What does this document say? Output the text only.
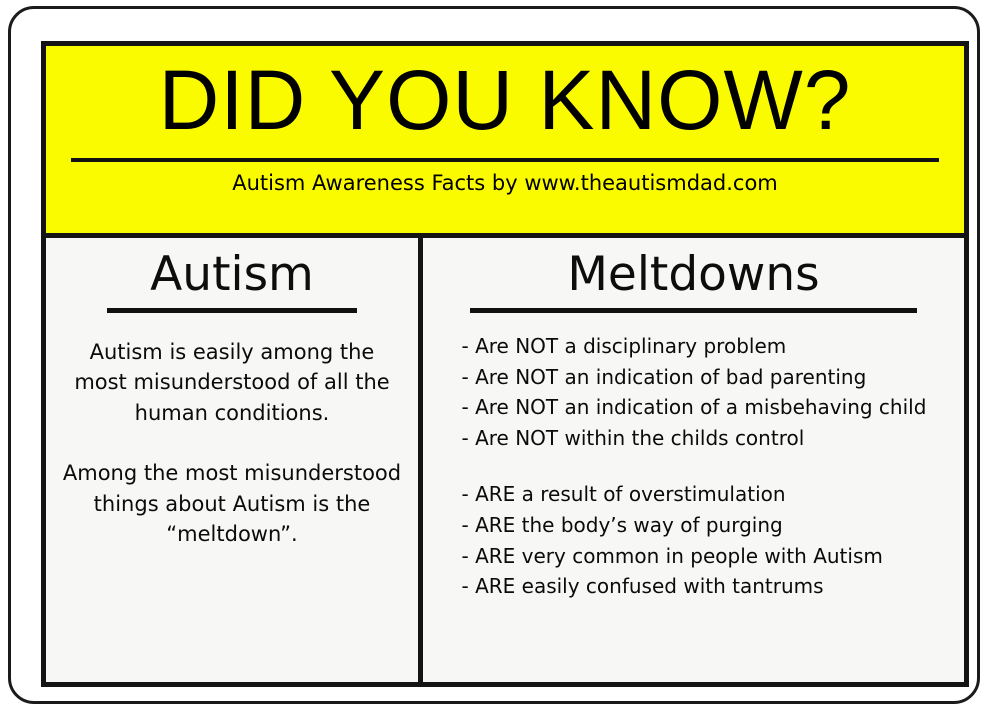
DID YOU KNOW?
Autism Awareness Facts by www.theautismdad.com
Autism

Autism is easily among the most misunderstood of all the human conditions.

Among the most misunderstood things about Autism is the “meltdown”.

Meltdowns
- Are NOT a disciplinary problem
- Are NOT an indication of bad parenting
- Are NOT an indication of a misbehaving child
- Are NOT within the childs control
- ARE a result of overstimulation
- ARE the body’s way of purging
- ARE very common in people with Autism
- ARE easily confused with tantrums
